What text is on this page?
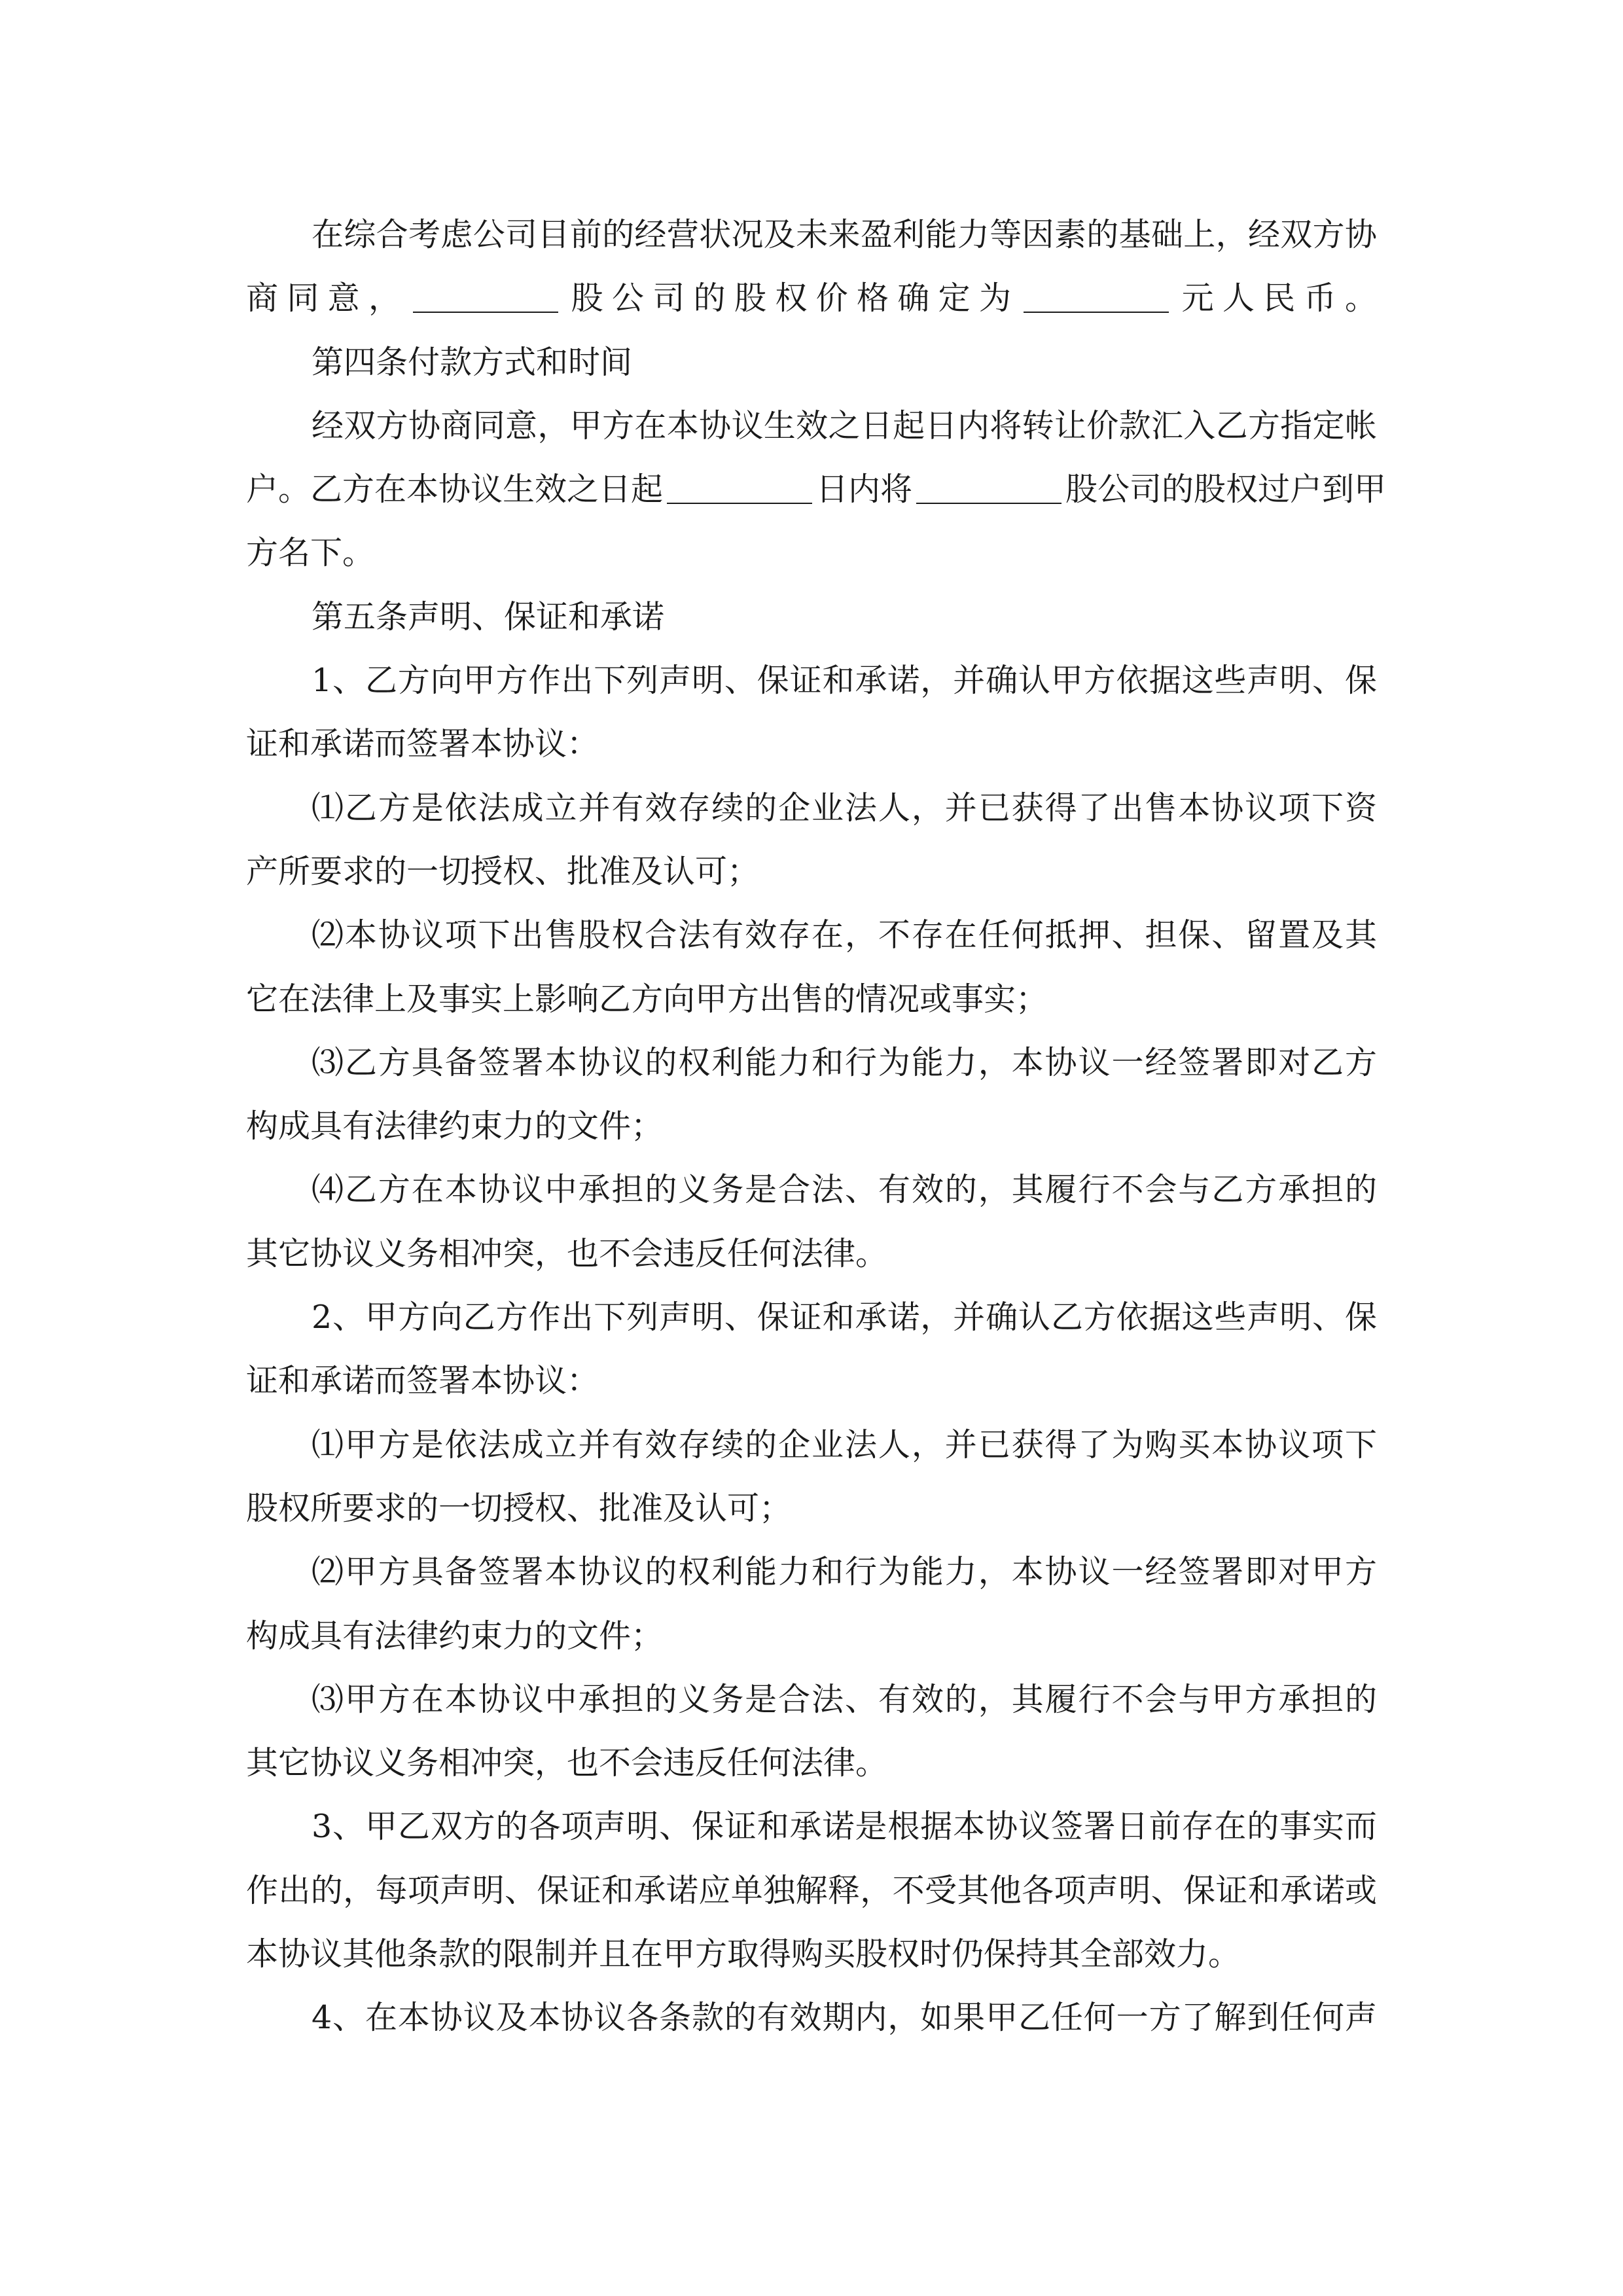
在综合考虑公司目前的经营状况及未来盈利能力等因素的基础上，经双方协
商同意，	股公司的股权价格确定为	元人民币。
第四条付款方式和时间
经双方协商同意，甲方在本协议生效之日起日内将转让价款汇入乙方指定帐
户。乙方在本协议生效之日起	日内将	股公司的股权过户到甲
方名下。
第五条声明、保证和承诺
1、乙方向甲方作出下列声明、保证和承诺，并确认甲方依据这些声明、保
证和承诺而签署本协议：
⑴乙方是依法成立并有效存续的企业法人，并已获得了出售本协议项下资
产所要求的一切授权、批准及认可；
⑵本协议项下出售股权合法有效存在，不存在任何抵押、担保、留置及其
它在法律上及事实上影响乙方向甲方出售的情况或事实；
⑶乙方具备签署本协议的权利能力和行为能力，本协议一经签署即对乙方
构成具有法律约束力的文件；
⑷乙方在本协议中承担的义务是合法、有效的，其履行不会与乙方承担的
其它协议义务相冲突，也不会违反任何法律。
2、甲方向乙方作出下列声明、保证和承诺，并确认乙方依据这些声明、保
证和承诺而签署本协议：
⑴甲方是依法成立并有效存续的企业法人，并已获得了为购买本协议项下
股权所要求的一切授权、批准及认可；
⑵甲方具备签署本协议的权利能力和行为能力，本协议一经签署即对甲方
构成具有法律约束力的文件；
⑶甲方在本协议中承担的义务是合法、有效的，其履行不会与甲方承担的
其它协议义务相冲突，也不会违反任何法律。
3、甲乙双方的各项声明、保证和承诺是根据本协议签署日前存在的事实而
作出的，每项声明、保证和承诺应单独解释，不受其他各项声明、保证和承诺或
本协议其他条款的限制并且在甲方取得购买股权时仍保持其全部效力。
4、在本协议及本协议各条款的有效期内，如果甲乙任何一方了解到任何声
